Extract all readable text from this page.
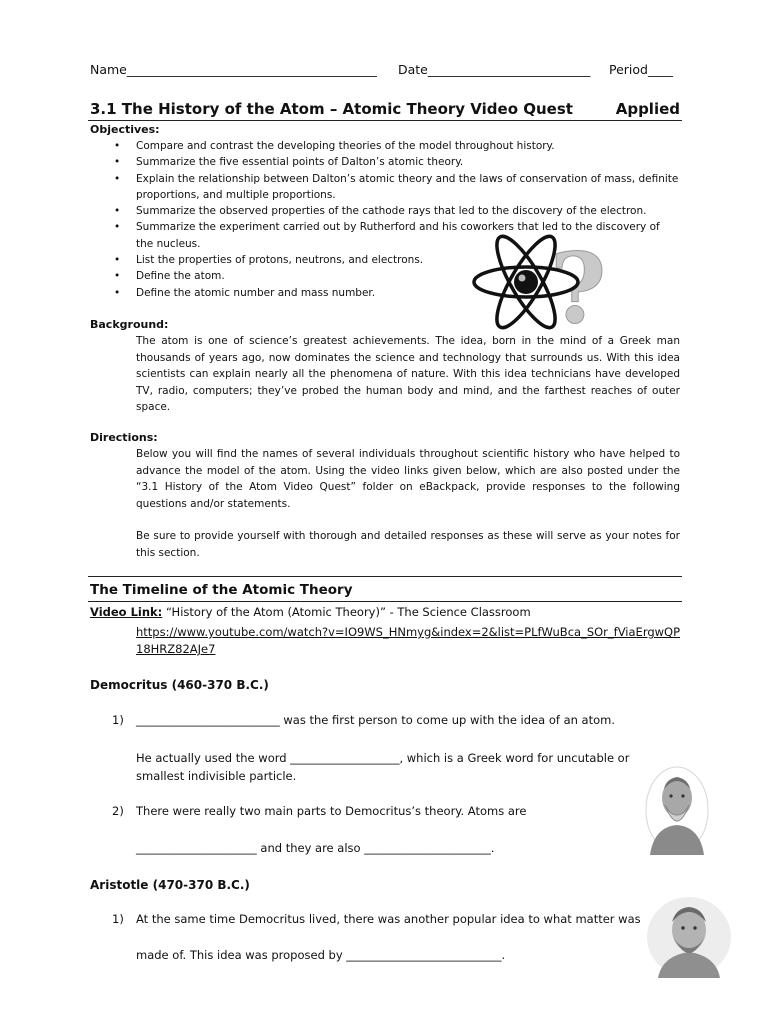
Name________________________________________ Date__________________________ Period____
3.1 The History of the Atom – Atomic Theory Video Quest	Applied
Objectives:
• Compare and contrast the developing theories of the model throughout history.
• Summarize the five essential points of Dalton’s atomic theory.
• Explain the relationship between Dalton’s atomic theory and the laws of conservation of mass, definite proportions, and multiple proportions.
• Summarize the observed properties of the cathode rays that led to the discovery of the electron.
• Summarize the experiment carried out by Rutherford and his coworkers that led to the discovery of the nucleus.
• List the properties of protons, neutrons, and electrons.
• Define the atom.
• Define the atomic number and mass number.	?
Background:
The atom is one of science’s greatest achievements. The idea, born in the mind of a Greek man thousands of years ago, now dominates the science and technology that surrounds us. With this idea scientists can explain nearly all the phenomena of nature. With this idea technicians have developed TV, radio, computers; they’ve probed the human body and mind, and the farthest reaches of outer space.
Directions:
Below you will find the names of several individuals throughout scientific history who have helped to advance the model of the atom. Using the video links given below, which are also posted under the “3.1 History of the Atom Video Quest” folder on eBackpack, provide responses to the following questions and/or statements.
Be sure to provide yourself with thorough and detailed responses as these will serve as your notes for this section.
The Timeline of the Atomic Theory
Video Link: “History of the Atom (Atomic Theory)” - The Science Classroom
https://www.youtube.com/watch?v=IO9WS_HNmyg&index=2&list=PLfWuBca_SOr_fViaErgwQP18HRZ82AJe7
Democritus (460-370 B.C.)
1) _________________________ was the first person to come up with the idea of an atom.
He actually used the word ___________________, which is a Greek word for uncutable or smallest indivisible particle.
2) There were really two main parts to Democritus’s theory. Atoms are
_____________________ and they are also ______________________.
Aristotle (470-370 B.C.)
1) At the same time Democritus lived, there was another popular idea to what matter was
made of. This idea was proposed by ___________________________.
